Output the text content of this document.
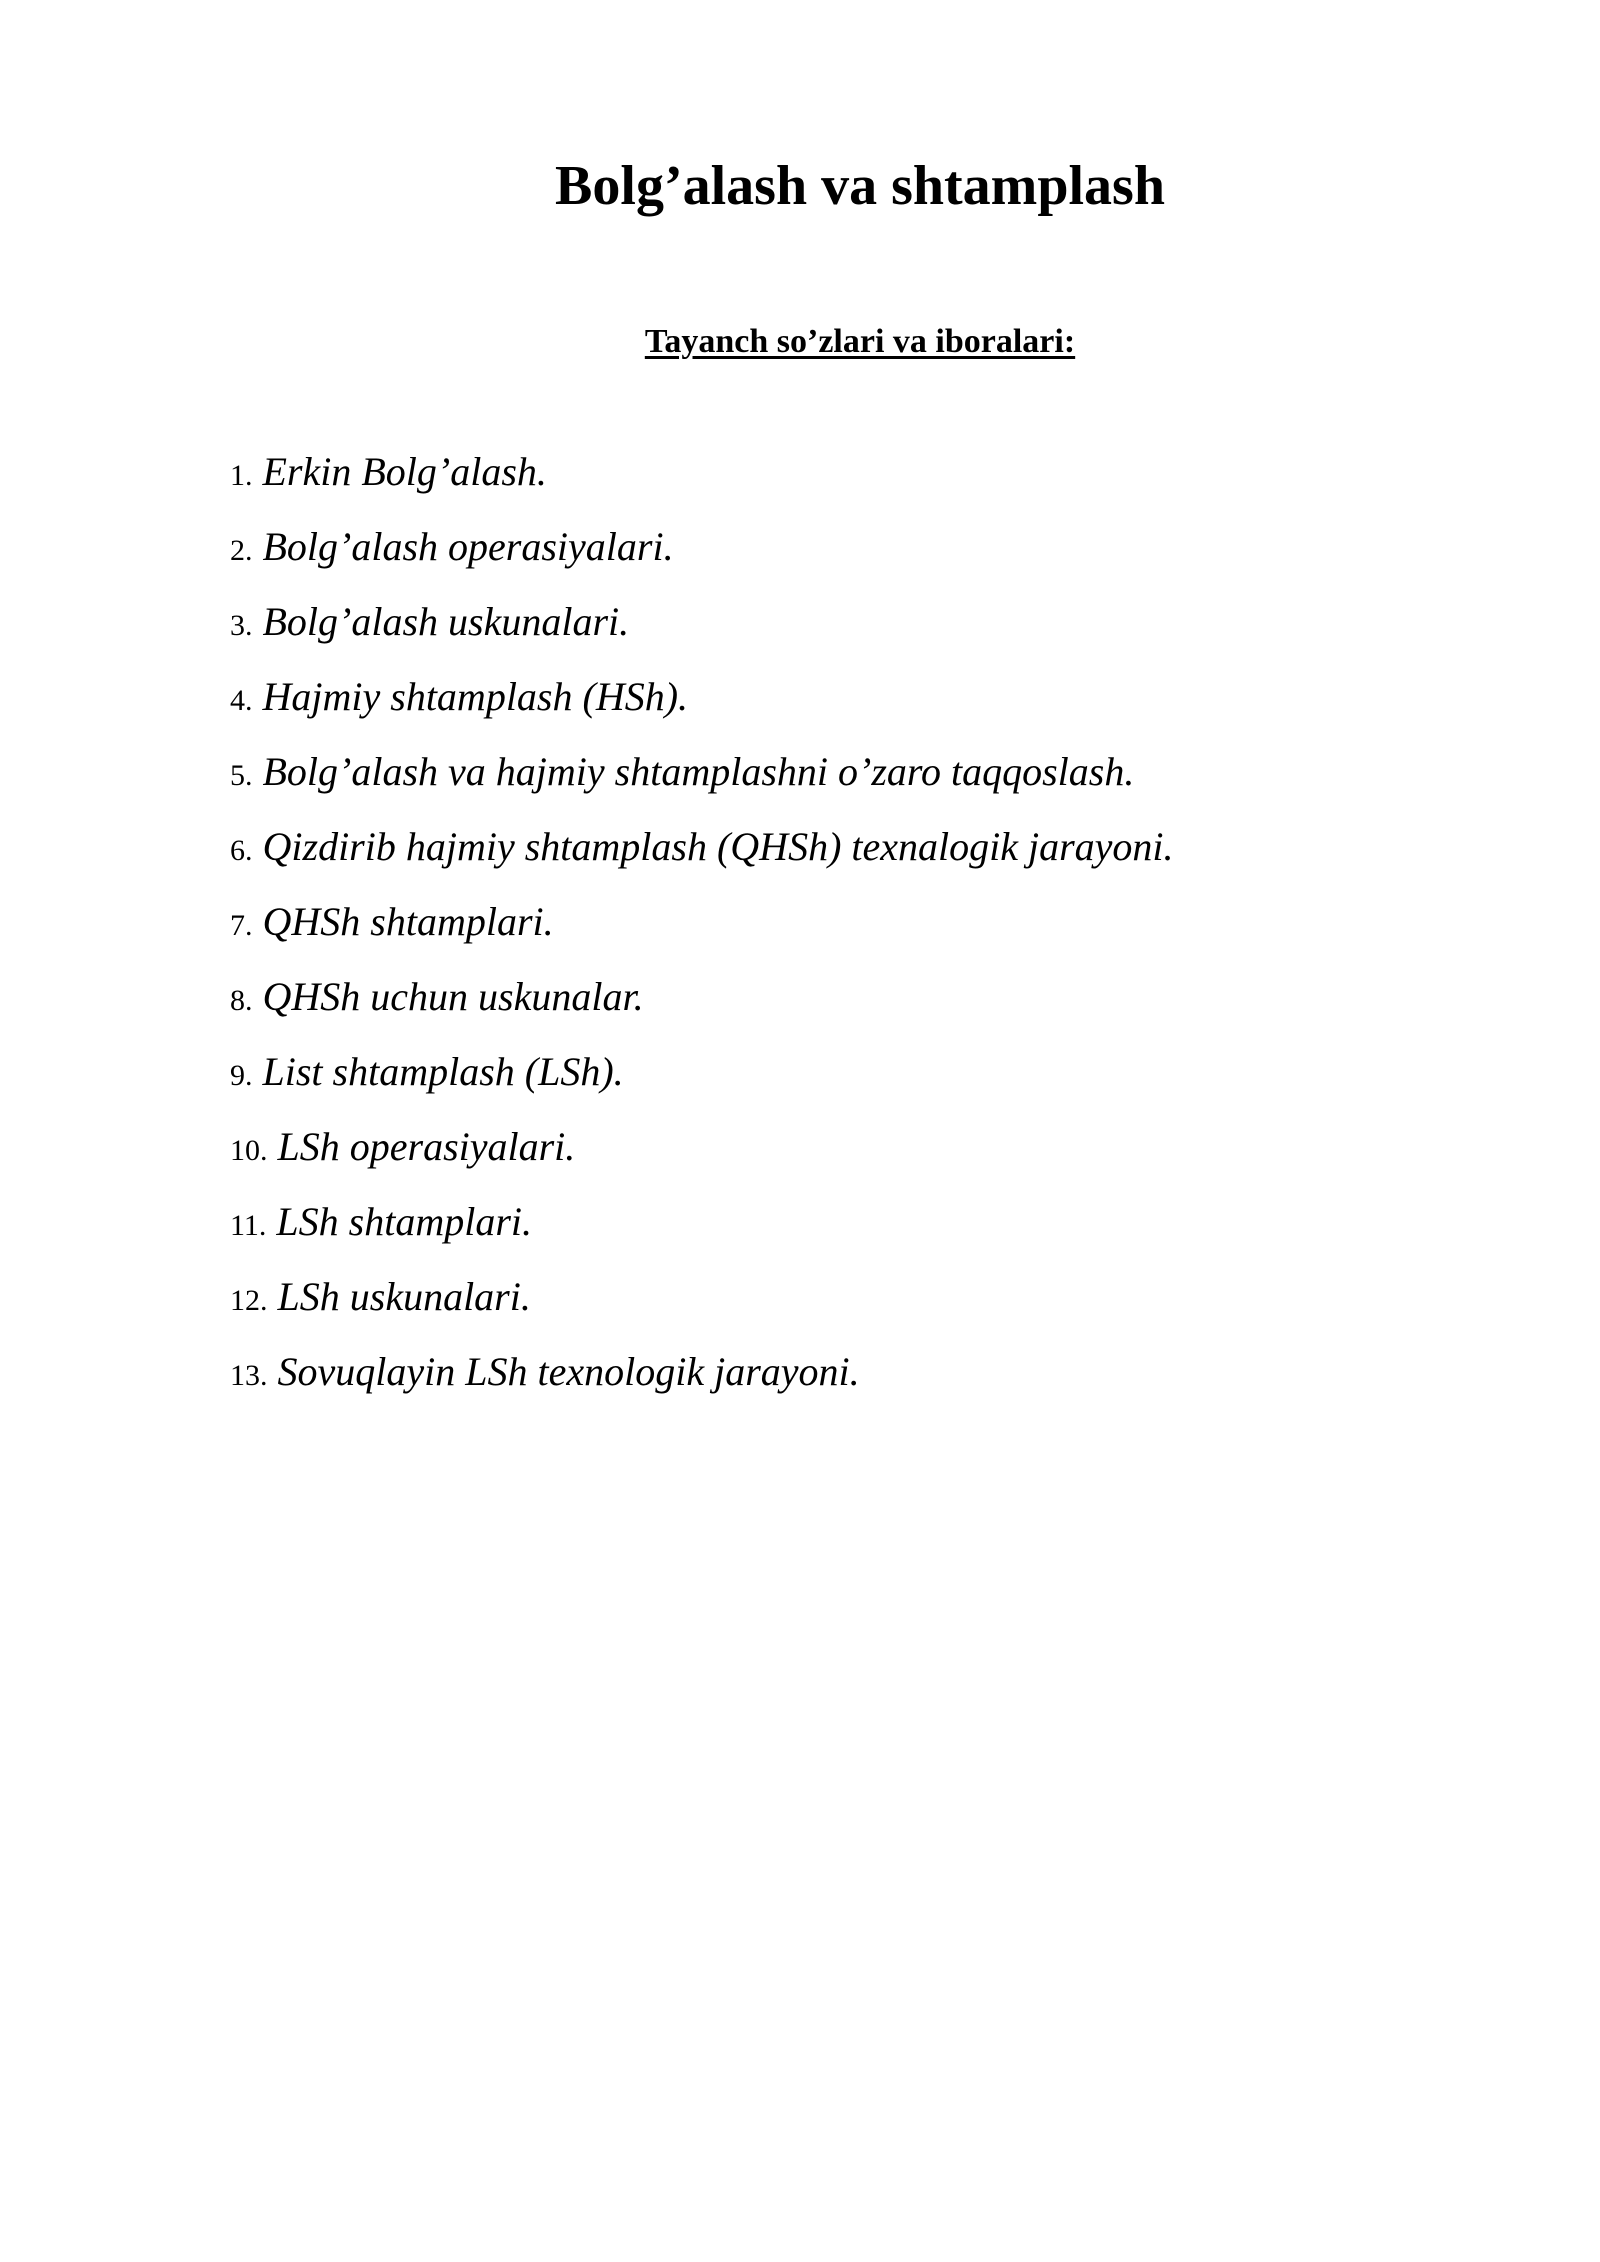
Bolg’alash va shtamplash
Tayanch so’zlari va iboralari:
1. Erkin Bolg’alash.
2. Bolg’alash operasiyalari.
3. Bolg’alash uskunalari.
4. Hajmiy shtamplash (HSh).
5. Bolg’alash va hajmiy shtamplashni o’zaro taqqoslash.
6. Qizdirib hajmiy shtamplash (QHSh) texnalogik jarayoni.
7. QHSh shtamplari.
8. QHSh uchun uskunalar.
9. List shtamplash (LSh).
10. LSh operasiyalari.
11. LSh shtamplari.
12. LSh uskunalari.
13. Sovuqlayin LSh texnologik jarayoni.
